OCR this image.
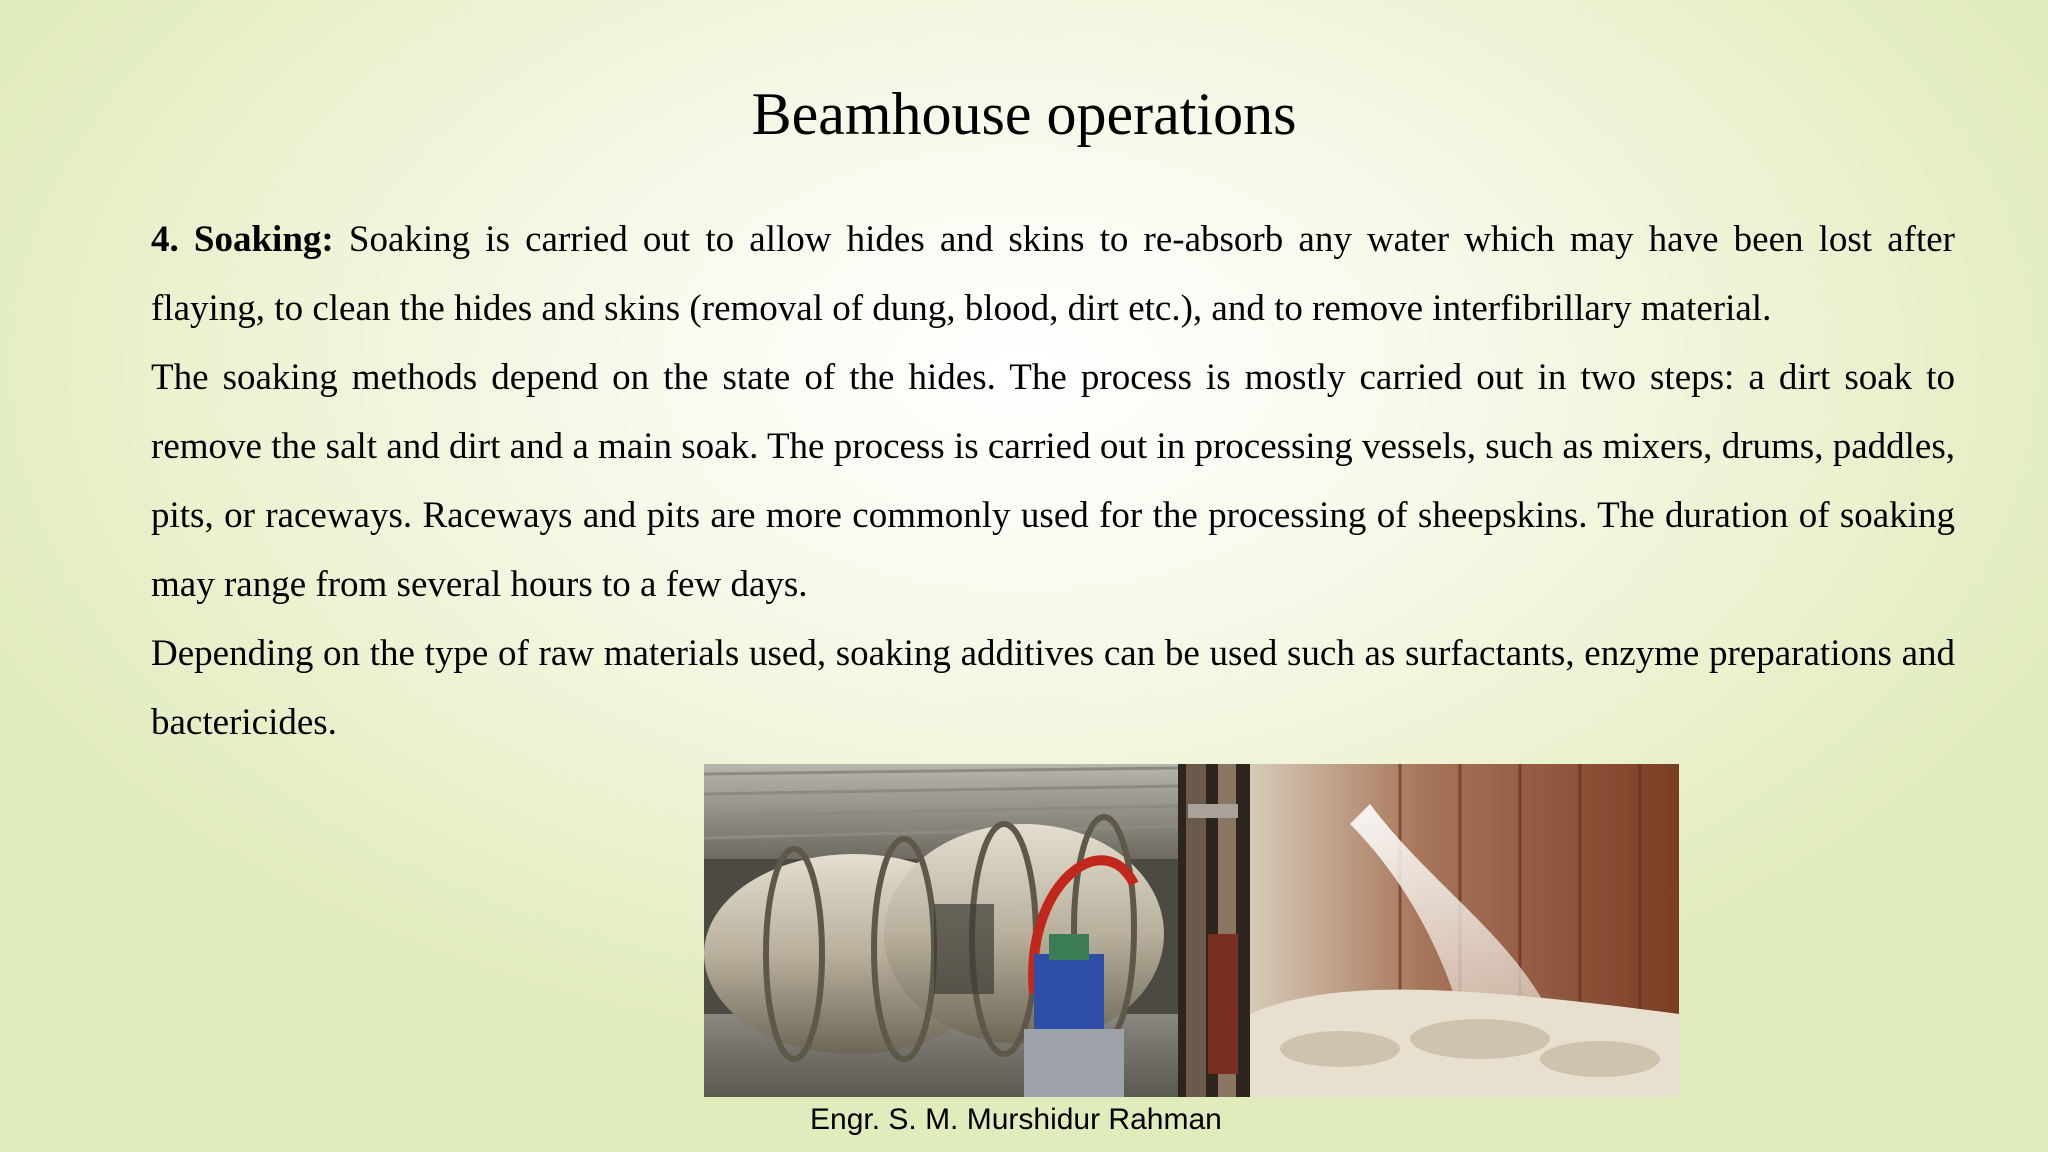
Beamhouse operations

4. Soaking: Soaking is carried out to allow hides and skins to re-absorb any water which may have been lost after flaying, to clean the hides and skins (removal of dung, blood, dirt etc.), and to remove interfibrillary material.

The soaking methods depend on the state of the hides. The process is mostly carried out in two steps: a dirt soak to remove the salt and dirt and a main soak. The process is carried out in processing vessels, such as mixers, drums, paddles, pits, or raceways. Raceways and pits are more commonly used for the processing of sheepskins. The duration of soaking may range from several hours to a few days.

Depending on the type of raw materials used, soaking additives can be used such as surfactants, enzyme preparations and bactericides.

Engr. S. M. Murshidur Rahman
